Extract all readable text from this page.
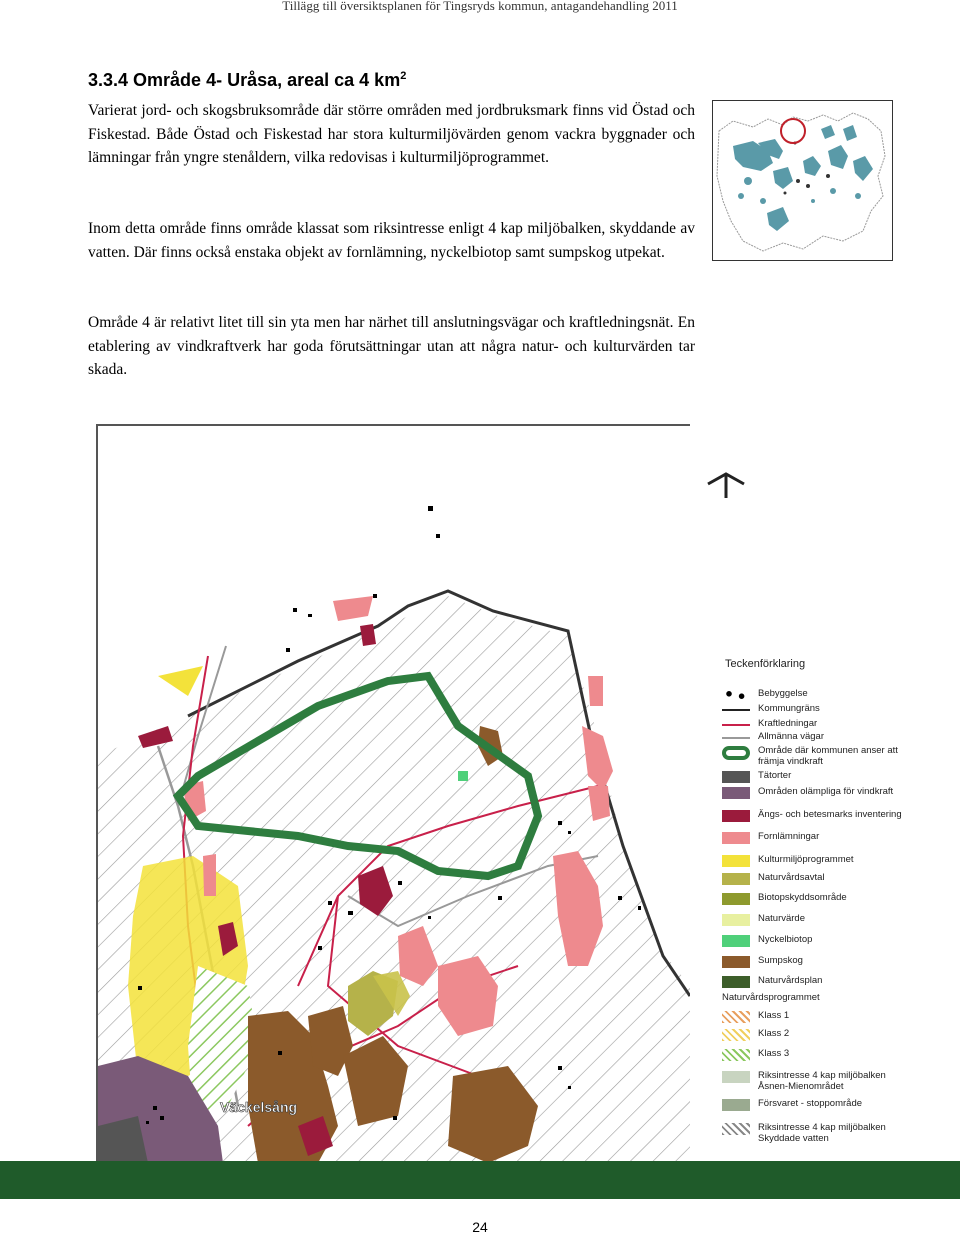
Tillägg till översiktsplanen för Tingsryds kommun, antagandehandling 2011
3.3.4 Område 4- Uråsa, areal ca 4 $km^2$
Varierat jord- och skogsbruksområde där större områden med jordbruksmark finns vid Östad och Fiskestad. Både Östad och Fiskestad har stora kulturmiljövärden genom vackra byggnader och lämningar från yngre stenåldern, vilka redovisas i kulturmiljöprogrammet.
Inom detta område finns område klassat som riksintresse enligt 4 kap miljöbalken, skyddande av vatten. Där finns också enstaka objekt av fornlämning, nyckelbiotop samt sumpskog utpekat.
Område 4 är relativt litet till sin yta men har närhet till anslutningsvägar och kraftledningsnät. En etablering av vindkraftverk har goda förutsättningar utan att några natur- och kulturvärden tar skada.
Väckelsång
Teckenförklaring
Bebyggelse
Kommungräns
Kraftledningar
Allmänna vägar
Område där kommunen anser att främja vindkraft
Tätorter
Områden olämpliga för vindkraft
Ängs- och betesmarks inventering
Fornlämningar
Kulturmiljöprogrammet
Naturvårdsavtal
Biotopskyddsområde
Naturvärde
Nyckelbiotop
Sumpskog
Naturvårdsplan
Naturvårdsprogrammet
Klass 1
Klass 2
Klass 3
Riksintresse 4 kap miljöbalken Åsnen-Mienområdet
Försvaret - stoppområde
Riksintresse 4 kap miljöbalken Skyddade vatten
24
